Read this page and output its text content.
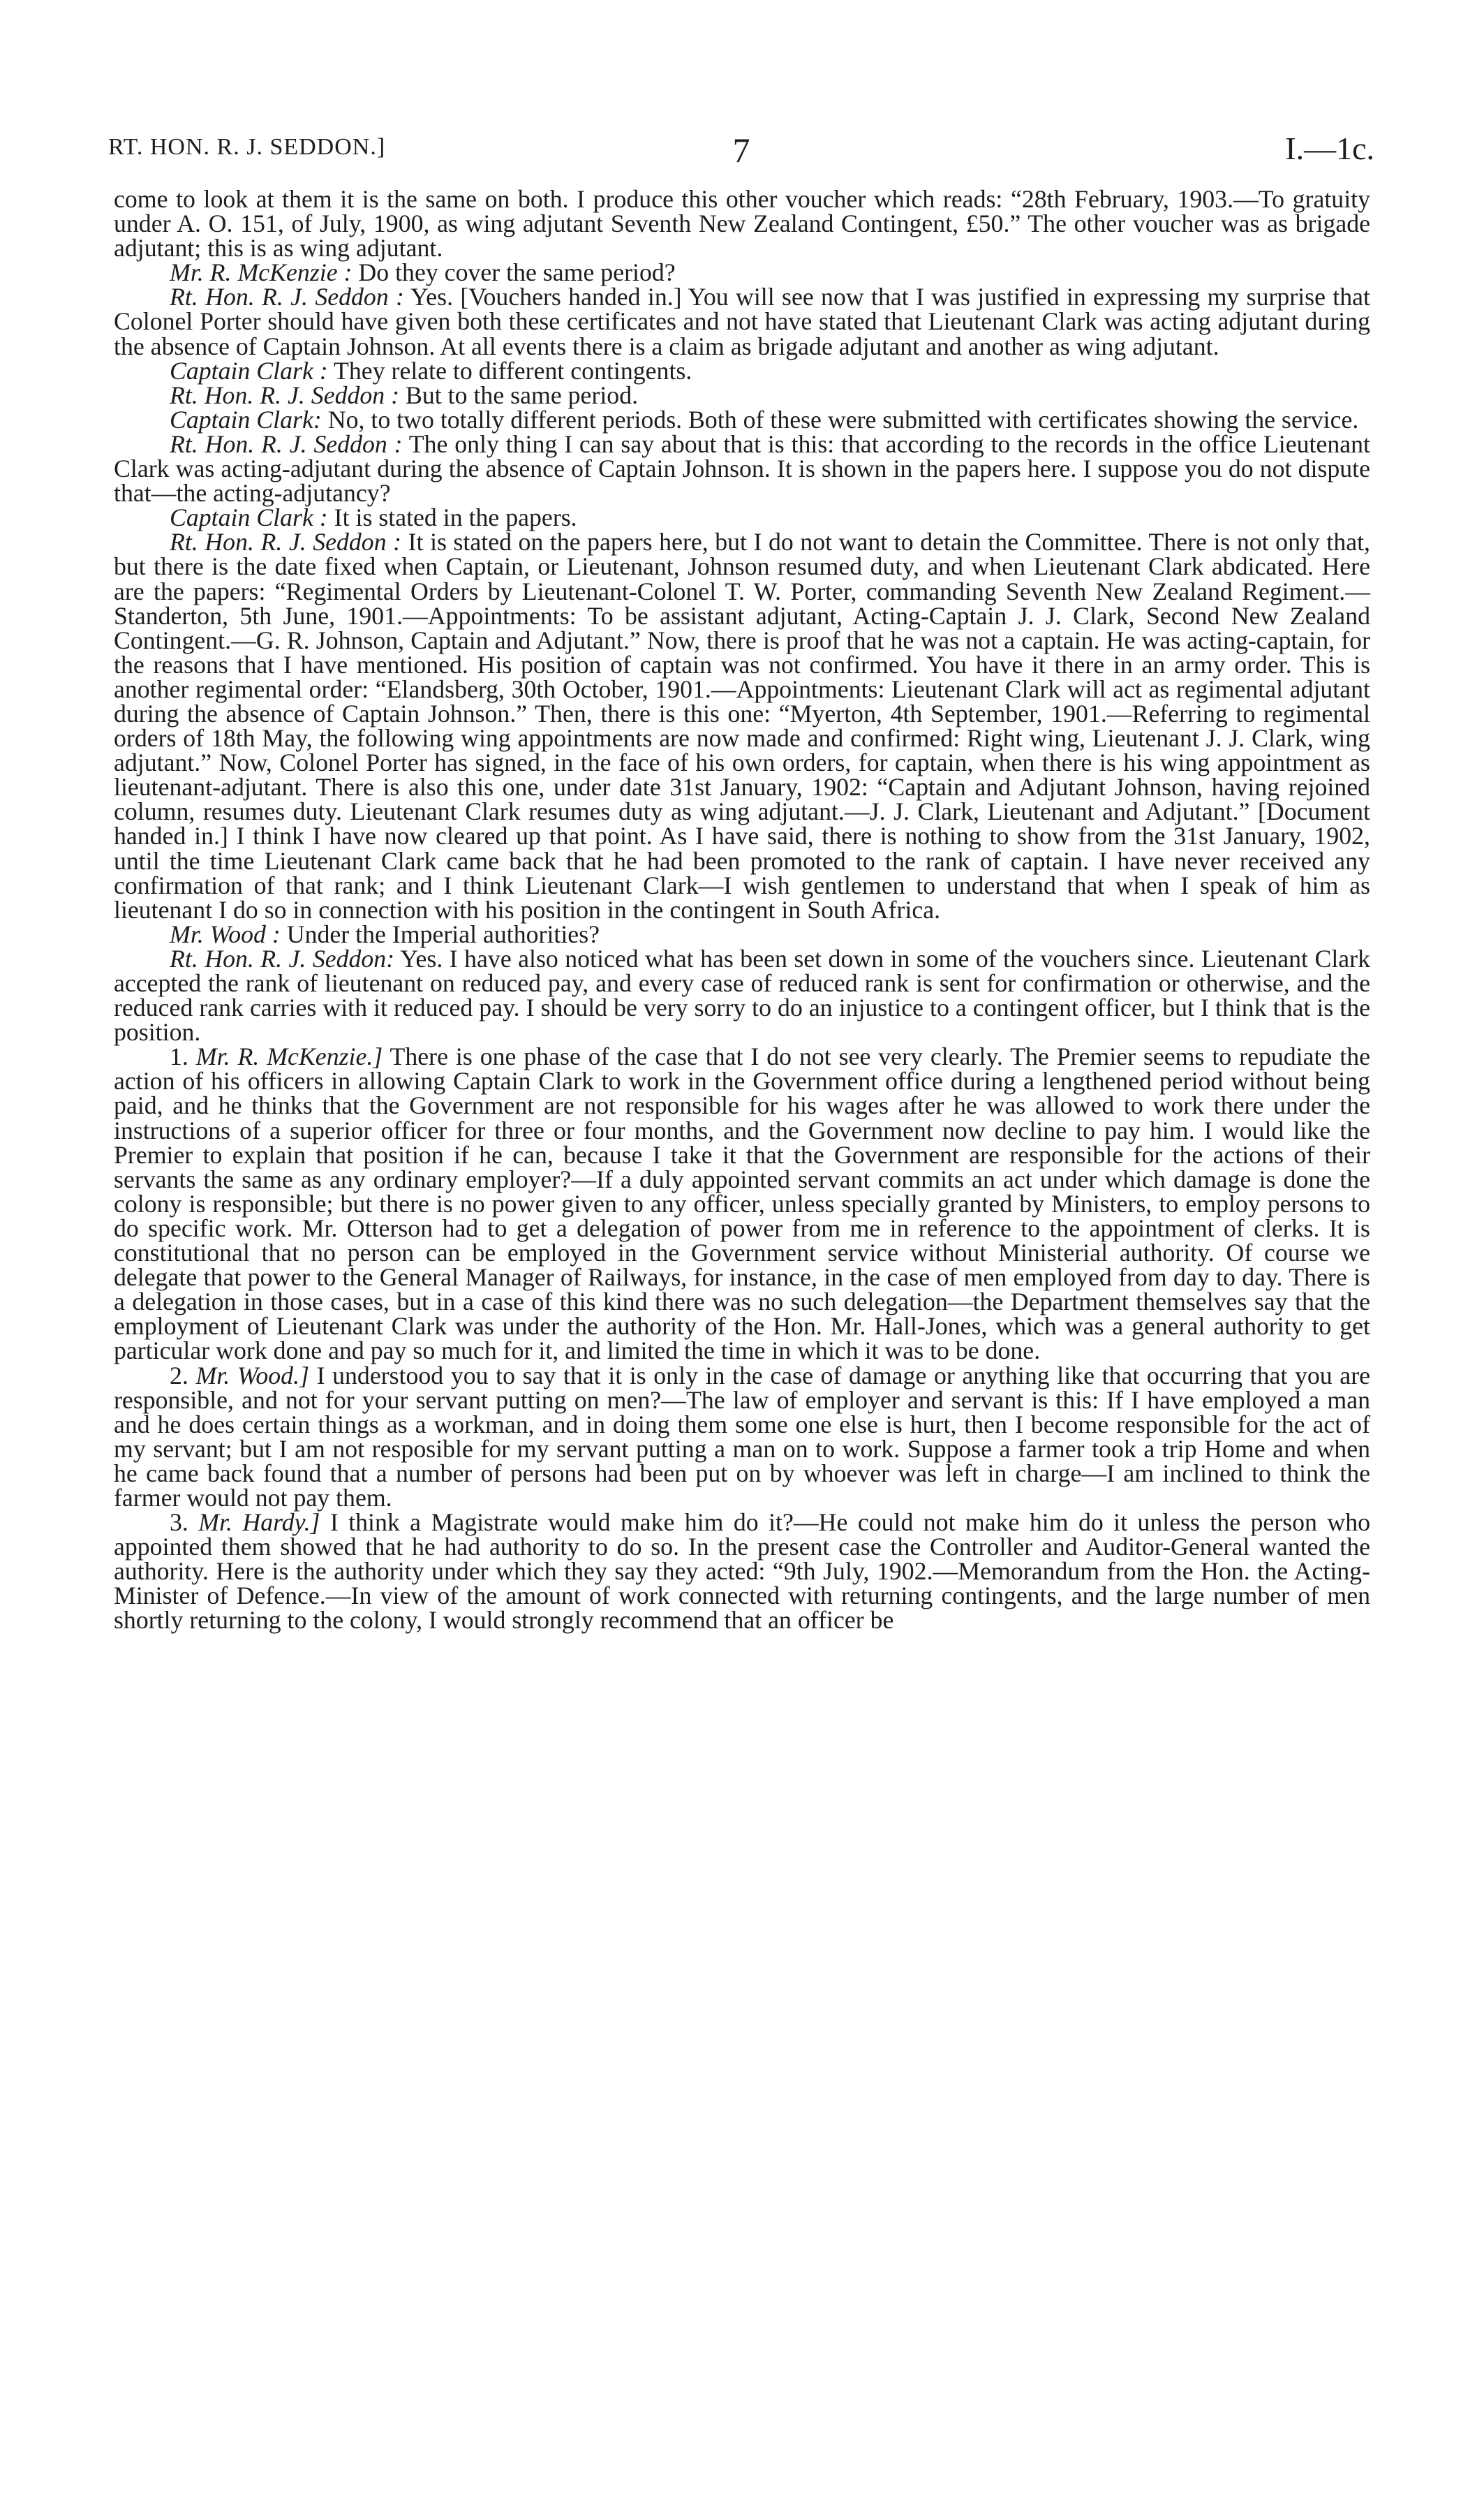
RT. HON. R. J. SEDDON.]	7	I.—1c.

come to look at them it is the same on both. I produce this other voucher which reads: “28th February, 1903.—To gratuity under A. O. 151, of July, 1900, as wing adjutant Seventh New Zealand Contingent, £50.” The other voucher was as brigade adjutant; this is as wing adjutant.

Mr. R. McKenzie : Do they cover the same period?

Rt. Hon. R. J. Seddon : Yes. [Vouchers handed in.] You will see now that I was justified in expressing my surprise that Colonel Porter should have given both these certificates and not have stated that Lieutenant Clark was acting adjutant during the absence of Captain Johnson. At all events there is a claim as brigade adjutant and another as wing adjutant.

Captain Clark : They relate to different contingents.

Rt. Hon. R. J. Seddon : But to the same period.

Captain Clark: No, to two totally different periods. Both of these were submitted with certificates showing the service.

Rt. Hon. R. J. Seddon : The only thing I can say about that is this: that according to the records in the office Lieutenant Clark was acting-adjutant during the absence of Captain Johnson. It is shown in the papers here. I suppose you do not dispute that—the acting-adjutancy?

Captain Clark : It is stated in the papers.

Rt. Hon. R. J. Seddon : It is stated on the papers here, but I do not want to detain the Committee. There is not only that, but there is the date fixed when Captain, or Lieutenant, Johnson resumed duty, and when Lieutenant Clark abdicated. Here are the papers: “Regimental Orders by Lieutenant-Colonel T. W. Porter, commanding Seventh New Zealand Regiment.—Standerton, 5th June, 1901.—Appointments: To be assistant adjutant, Acting-Captain J. J. Clark, Second New Zealand Contingent.—G. R. Johnson, Captain and Adjutant.” Now, there is proof that he was not a captain. He was acting-captain, for the reasons that I have mentioned. His position of captain was not confirmed. You have it there in an army order. This is another regimental order: “Elandsberg, 30th October, 1901.—Appointments: Lieutenant Clark will act as regimental adjutant during the absence of Captain Johnson.” Then, there is this one: “Myerton, 4th September, 1901.—Referring to regimental orders of 18th May, the following wing appointments are now made and confirmed: Right wing, Lieutenant J. J. Clark, wing adjutant.” Now, Colonel Porter has signed, in the face of his own orders, for captain, when there is his wing appointment as lieutenant-adjutant. There is also this one, under date 31st January, 1902: “Captain and Adjutant Johnson, having rejoined column, resumes duty. Lieutenant Clark resumes duty as wing adjutant.—J. J. Clark, Lieutenant and Adjutant.” [Document handed in.] I think I have now cleared up that point. As I have said, there is nothing to show from the 31st January, 1902, until the time Lieutenant Clark came back that he had been promoted to the rank of captain. I have never received any confirmation of that rank; and I think Lieutenant Clark—I wish gentlemen to understand that when I speak of him as lieutenant I do so in connection with his position in the contingent in South Africa.

Mr. Wood : Under the Imperial authorities?

Rt. Hon. R. J. Seddon: Yes. I have also noticed what has been set down in some of the vouchers since. Lieutenant Clark accepted the rank of lieutenant on reduced pay, and every case of reduced rank is sent for confirmation or otherwise, and the reduced rank carries with it reduced pay. I should be very sorry to do an injustice to a contingent officer, but I think that is the position.

1. Mr. R. McKenzie.] There is one phase of the case that I do not see very clearly. The Premier seems to repudiate the action of his officers in allowing Captain Clark to work in the Government office during a lengthened period without being paid, and he thinks that the Government are not responsible for his wages after he was allowed to work there under the instructions of a superior officer for three or four months, and the Government now decline to pay him. I would like the Premier to explain that position if he can, because I take it that the Government are responsible for the actions of their servants the same as any ordinary employer?—If a duly appointed servant commits an act under which damage is done the colony is responsible; but there is no power given to any officer, unless specially granted by Ministers, to employ persons to do specific work. Mr. Otterson had to get a delegation of power from me in reference to the appointment of clerks. It is constitutional that no person can be employed in the Government service without Ministerial authority. Of course we delegate that power to the General Manager of Railways, for instance, in the case of men employed from day to day. There is a delegation in those cases, but in a case of this kind there was no such delegation—the Department themselves say that the employment of Lieutenant Clark was under the authority of the Hon. Mr. Hall-Jones, which was a general authority to get particular work done and pay so much for it, and limited the time in which it was to be done.

2. Mr. Wood.] I understood you to say that it is only in the case of damage or anything like that occurring that you are responsible, and not for your servant putting on men?—The law of employer and servant is this: If I have employed a man and he does certain things as a workman, and in doing them some one else is hurt, then I become responsible for the act of my servant; but I am not resposible for my servant putting a man on to work. Suppose a farmer took a trip Home and when he came back found that a number of persons had been put on by whoever was left in charge—I am inclined to think the farmer would not pay them.

3. Mr. Hardy.] I think a Magistrate would make him do it?—He could not make him do it unless the person who appointed them showed that he had authority to do so. In the present case the Controller and Auditor-General wanted the authority. Here is the authority under which they say they acted: “9th July, 1902.—Memorandum from the Hon. the Acting-Minister of Defence.—In view of the amount of work connected with returning contingents, and the large number of men shortly returning to the colony, I would strongly recommend that an officer be
